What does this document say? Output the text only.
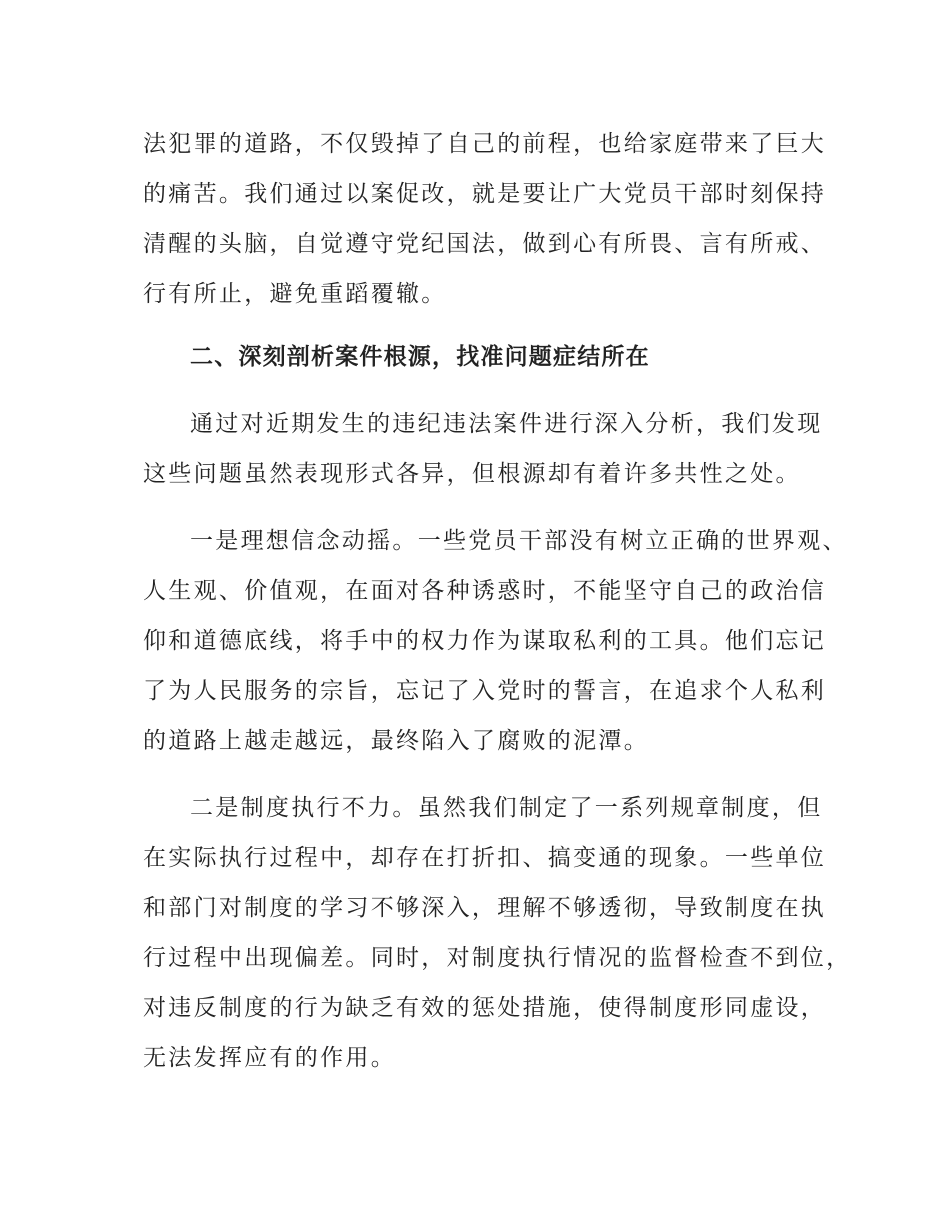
法犯罪的道路，不仅毁掉了自己的前程，也给家庭带来了巨大
的痛苦。我们通过以案促改，就是要让广大党员干部时刻保持
清醒的头脑，自觉遵守党纪国法，做到心有所畏、言有所戒、
行有所止，避免重蹈覆辙。
二、深刻剖析案件根源，找准问题症结所在
通过对近期发生的违纪违法案件进行深入分析，我们发现
这些问题虽然表现形式各异，但根源却有着许多共性之处。
一是理想信念动摇。一些党员干部没有树立正确的世界观、
人生观、价值观，在面对各种诱惑时，不能坚守自己的政治信
仰和道德底线，将手中的权力作为谋取私利的工具。他们忘记
了为人民服务的宗旨，忘记了入党时的誓言，在追求个人私利
的道路上越走越远，最终陷入了腐败的泥潭。
二是制度执行不力。虽然我们制定了一系列规章制度，但
在实际执行过程中，却存在打折扣、搞变通的现象。一些单位
和部门对制度的学习不够深入，理解不够透彻，导致制度在执
行过程中出现偏差。同时，对制度执行情况的监督检查不到位，
对违反制度的行为缺乏有效的惩处措施，使得制度形同虚设，
无法发挥应有的作用。
